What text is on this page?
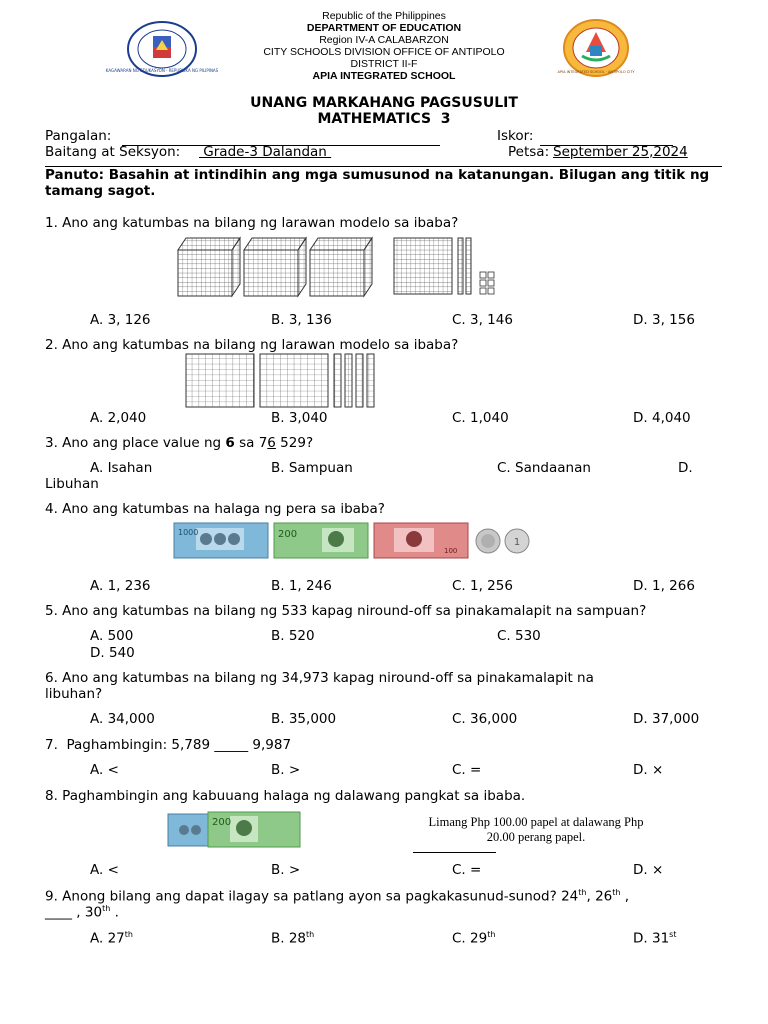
KAGAWARAN NG EDUKASYON · REPUBLIKA NG PILIPINAS
Republic of the Philippines
DEPARTMENT OF EDUCATION
Region IV-A CALABARZON
CITY SCHOOLS DIVISION OFFICE OF ANTIPOLO
DISTRICT II-F
APIA INTEGRATED SCHOOL	APIA INTEGRATED SCHOOL · ANTIPOLO CITY
UNANG MARKAHANG PAGSUSULIT
MATHEMATICS  3
Pangalan:	Iskor:
Baitang at Seksyon: Grade-3 Dalandan	Petsa: September 25,2024
Panuto: Basahin at intindihin ang mga sumusunod na katanungan. Bilugan ang titik ng tamang sagot.
1. Ano ang katumbas na bilang ng larawan modelo sa ibaba?
A. 3, 126	B. 3, 136	C. 3, 146	D. 3, 156
2. Ano ang katumbas na bilang ng larawan modelo sa ibaba?
A. 2,040	B. 3,040	C. 1,040	D. 4,040
3. Ano ang place value ng 6 sa 76 529?
A. Isahan	B. Sampuan	C. Sandaanan	D.
Libuhan
4. Ano ang katumbas na halaga ng pera sa ibaba?
1000	200
100
1
A. 1, 236	B. 1, 246	C. 1, 256	D. 1, 266
5. Ano ang katumbas na bilang ng 533 kapag niround-off sa pinakamalapit na sampuan?
A. 500	B. 520	C. 530
D. 540
6. Ano ang katumbas na bilang ng 34,973 kapag niround-off sa pinakamalapit na
libuhan?
A. 34,000	B. 35,000	C. 36,000	D. 37,000
7.  Paghambingin: 5,789 _____ 9,987
A. <	B. >	C. =	D. ×
8. Paghambingin ang kabuuang halaga ng dalawang pangkat sa ibaba.
200	Limang Php 100.00 papel at dalawang Php
20.00 perang papel.
A. <	B. >	C. =	D. ×
9. Anong bilang ang dapat ilagay sa patlang ayon sa pagkakasunud-sunod? 24th, 26th ,
____ , 30th .
A. 27th	B. 28th	C. 29th	D. 31st
